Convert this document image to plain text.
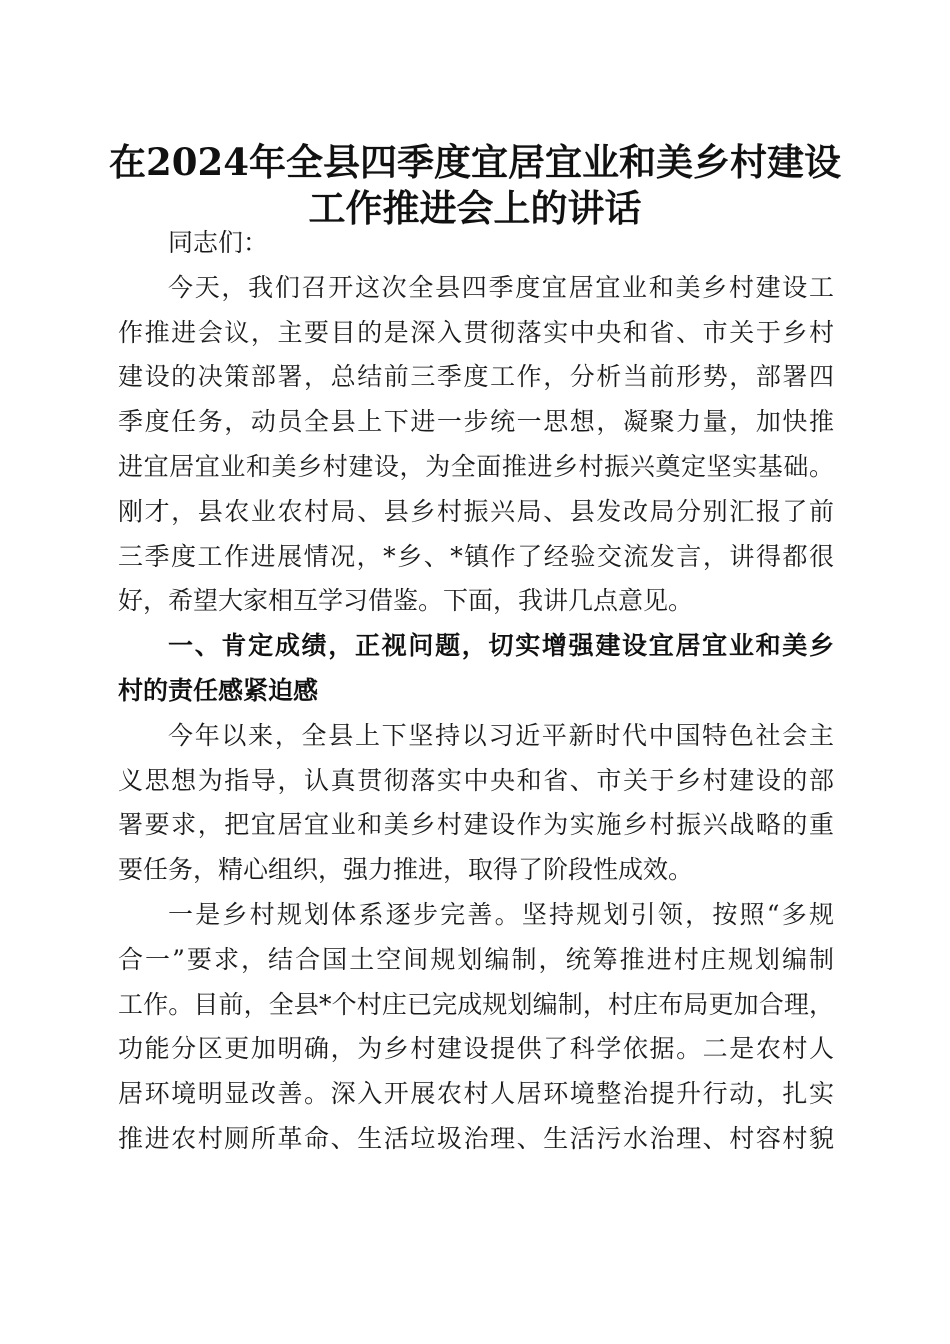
在2024年全县四季度宜居宜业和美乡村建设
工作推进会上的讲话

同志们：

今天，我们召开这次全县四季度宜居宜业和美乡村建设工
作推进会议，主要目的是深入贯彻落实中央和省、市关于乡村
建设的决策部署，总结前三季度工作，分析当前形势，部署四
季度任务，动员全县上下进一步统一思想，凝聚力量，加快推
进宜居宜业和美乡村建设，为全面推进乡村振兴奠定坚实基础。
刚才，县农业农村局、县乡村振兴局、县发改局分别汇报了前
三季度工作进展情况，*乡、*镇作了经验交流发言，讲得都很
好，希望大家相互学习借鉴。下面，我讲几点意见。

一、肯定成绩，正视问题，切实增强建设宜居宜业和美乡
村的责任感紧迫感

今年以来，全县上下坚持以习近平新时代中国特色社会主
义思想为指导，认真贯彻落实中央和省、市关于乡村建设的部
署要求，把宜居宜业和美乡村建设作为实施乡村振兴战略的重
要任务，精心组织，强力推进，取得了阶段性成效。

一是乡村规划体系逐步完善。坚持规划引领，按照“多规
合一”要求，结合国土空间规划编制，统筹推进村庄规划编制
工作。目前，全县*个村庄已完成规划编制，村庄布局更加合理，
功能分区更加明确，为乡村建设提供了科学依据。二是农村人
居环境明显改善。深入开展农村人居环境整治提升行动，扎实
推进农村厕所革命、生活垃圾治理、生活污水治理、村容村貌
